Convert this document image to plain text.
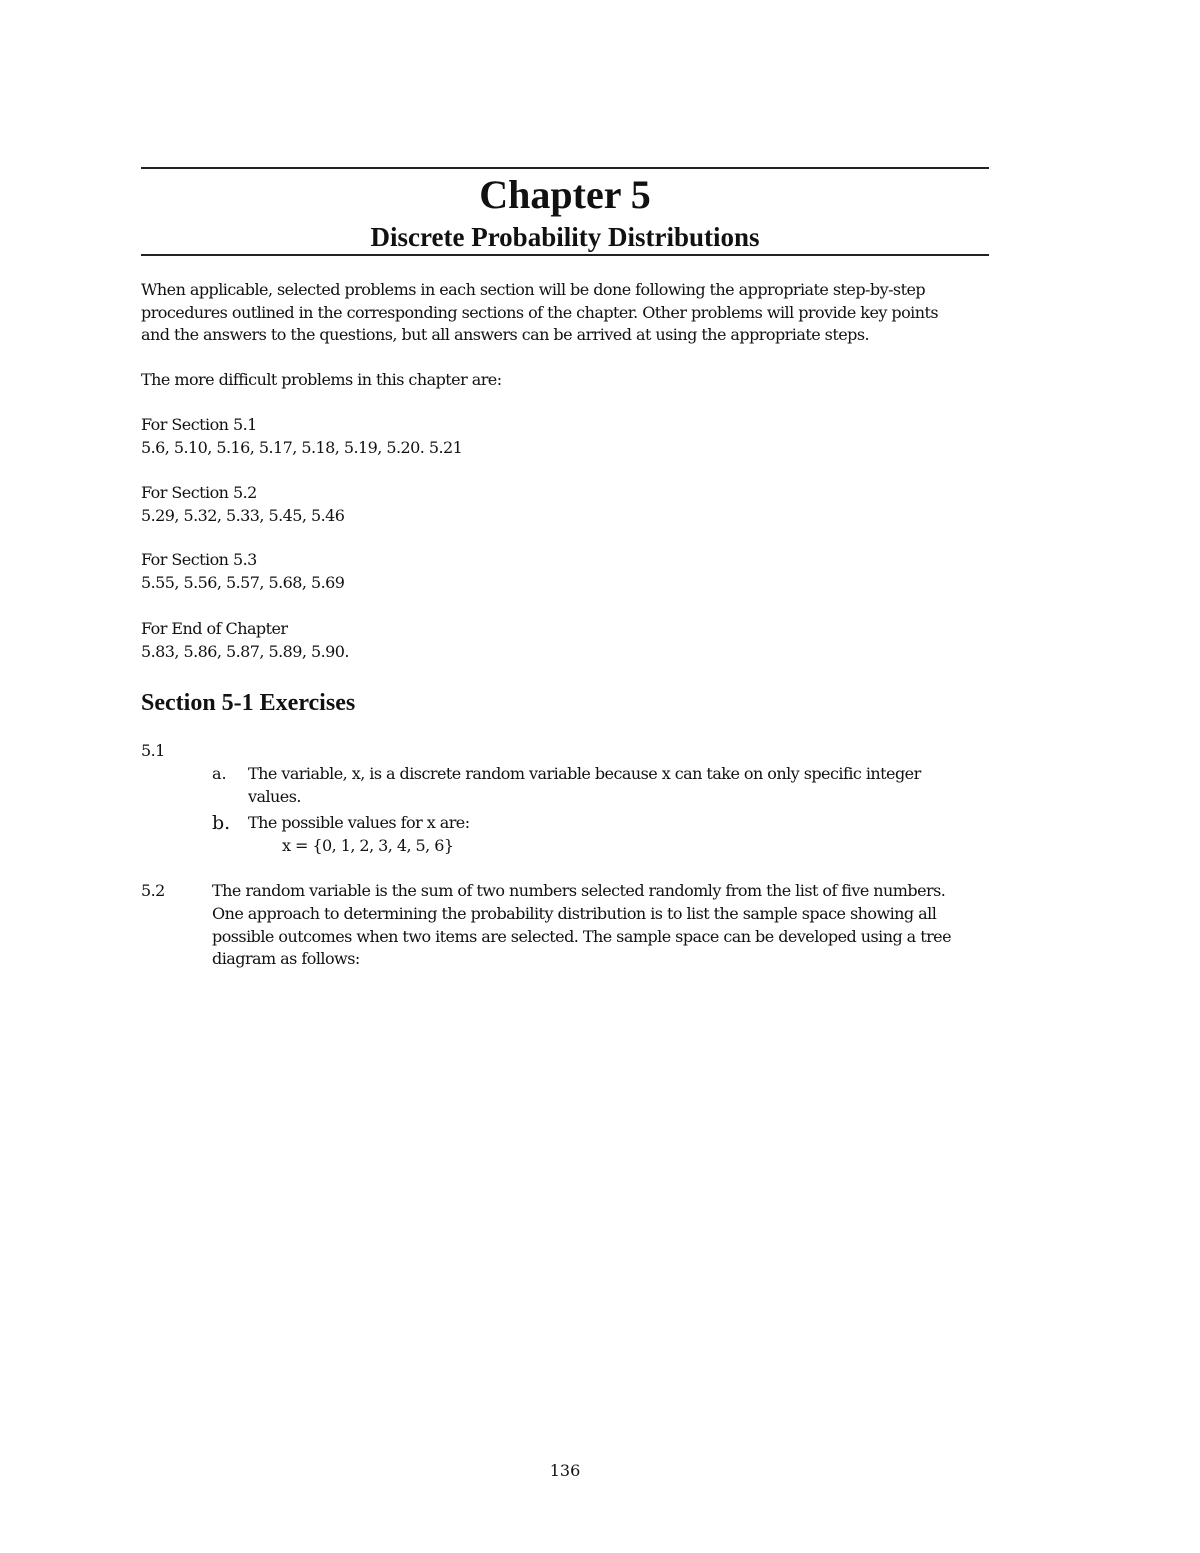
Chapter 5
Discrete Probability Distributions
When applicable, selected problems in each section will be done following the appropriate step-by-step
procedures outlined in the corresponding sections of the chapter. Other problems will provide key points
and the answers to the questions, but all answers can be arrived at using the appropriate steps.
The more difficult problems in this chapter are:
For Section 5.1
5.6, 5.10, 5.16, 5.17, 5.18, 5.19, 5.20. 5.21
For Section 5.2
5.29, 5.32, 5.33, 5.45, 5.46
For Section 5.3
5.55, 5.56, 5.57, 5.68, 5.69
For End of Chapter
5.83, 5.86, 5.87, 5.89, 5.90.
Section 5-1 Exercises
5.1
a. The variable, x, is a discrete random variable because x can take on only specific integer
values.
b. The possible values for x are:
x = {0, 1, 2, 3, 4, 5, 6}
5.2	The random variable is the sum of two numbers selected randomly from the list of five numbers.
One approach to determining the probability distribution is to list the sample space showing all
possible outcomes when two items are selected. The sample space can be developed using a tree
diagram as follows:
136
